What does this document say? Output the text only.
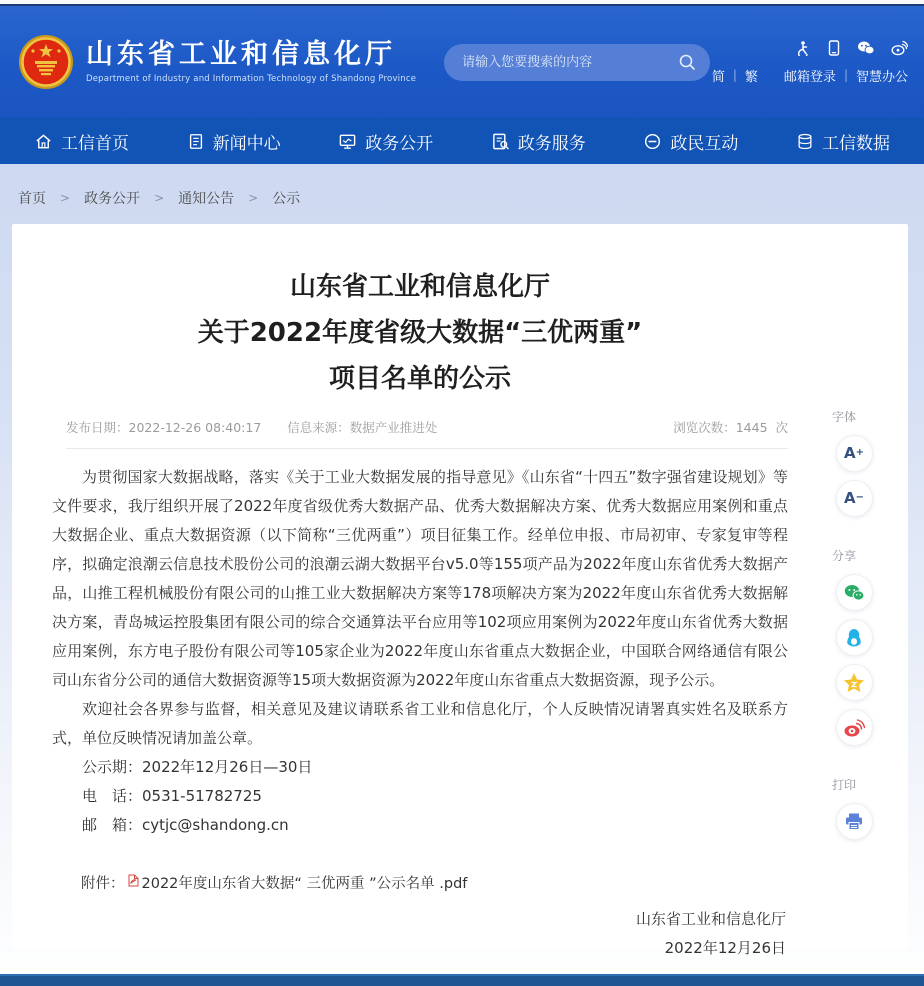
山东省工业和信息化厅
Department of Industry and Information Technology of Shandong Province
请输入您要搜索的内容	简 | 繁 邮箱登录 | 智慧办公
工信首页	新闻中心	政务公开	政务服务	政民互动	工信数据
首页 > 政务公开 > 通知公告 > 公示
山东省工业和信息化厅
关于2022年度省级大数据“三优两重”
项目名单的公示
发布日期：2022-12-26 08:40:17 信息来源：数据产业推进处	浏览次数：1445 次

为贯彻国家大数据战略，落实《关于工业大数据发展的指导意见》《山东省“十四五”数字强省建设规划》等文件要求，我厅组织开展了2022年度省级优秀大数据产品、优秀大数据解决方案、优秀大数据应用案例和重点大数据企业、重点大数据资源（以下简称“三优两重”）项目征集工作。经单位申报、市局初审、专家复审等程序，拟确定浪潮云信息技术股份公司的浪潮云湖大数据平台v5.0等155项产品为2022年度山东省优秀大数据产品，山推工程机械股份有限公司的山推工业大数据解决方案等178项解决方案为2022年度山东省优秀大数据解决方案，青岛城运控股集团有限公司的综合交通算法平台应用等102项应用案例为2022年度山东省优秀大数据应用案例，东方电子股份有限公司等105家企业为2022年度山东省重点大数据企业，中国联合网络通信有限公司山东省分公司的通信大数据资源等15项大数据资源为2022年度山东省重点大数据资源，现予公示。

欢迎社会各界参与监督，相关意见及建议请联系省工业和信息化厅，个人反映情况请署真实姓名及联系方式，单位反映情况请加盖公章。

公示期：2022年12月26日—30日
电　话：0531-51782725
邮　箱：cytjc@shandong.cn
附件： 2022年度山东省大数据“ 三优两重 ”公示名单 .pdf
山东省工业和信息化厅
2022年12月26日
字体
A +
A −
分享
打印
